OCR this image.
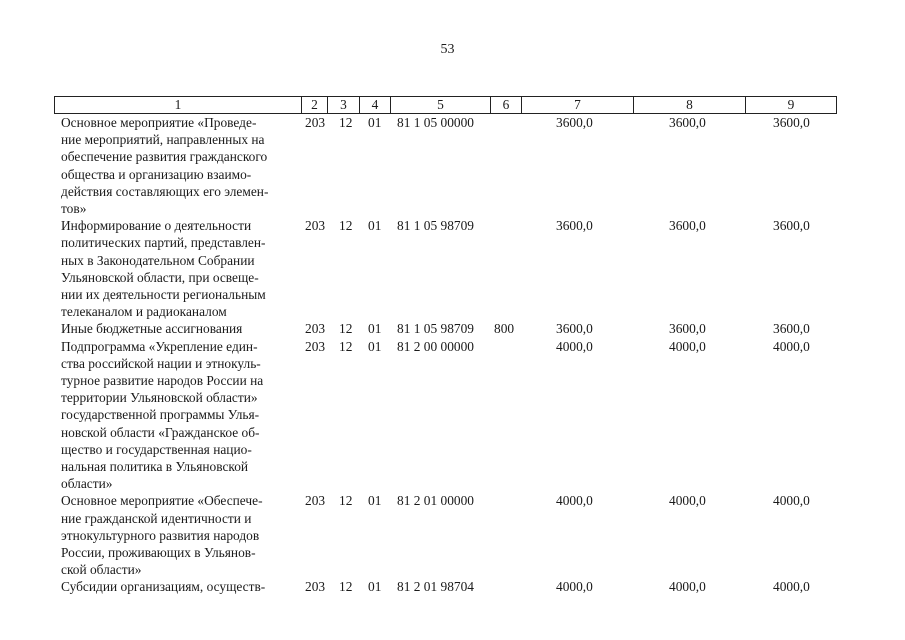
53
1	2	3	4	5	6	7	8	9
Основное мероприятие «Проведе-
ние мероприятий, направленных на
обеспечение развития гражданского
общества и организацию взаимо-
действия составляющих его элемен-
тов»
203 12 01 81 1 05 00000	3600,0	3600,0	3600,0
Информирование о деятельности
политических партий, представлен-
ных в Законодательном Собрании
Ульяновской области, при освеще-
нии их деятельности региональным
телеканалом и радиоканалом
203 12 01 81 1 05 98709	3600,0	3600,0	3600,0
Иные бюджетные ассигнования	203 12 01 81 1 05 98709 800	3600,0	3600,0	3600,0
Подпрограмма «Укрепление един-
ства российской нации и этнокуль-
турное развитие народов России на
территории Ульяновской области»
государственной программы Улья-
новской области «Гражданское об-
щество и государственная нацио-
нальная политика в Ульяновской
области»
203 12 01 81 2 00 00000	4000,0	4000,0	4000,0
Основное мероприятие «Обеспече-
ние гражданской идентичности и
этнокультурного развития народов
России, проживающих в Ульянов-
ской области»
203 12 01 81 2 01 00000	4000,0	4000,0	4000,0
Субсидии организациям, осуществ-	203 12 01 81 2 01 98704	4000,0	4000,0	4000,0
